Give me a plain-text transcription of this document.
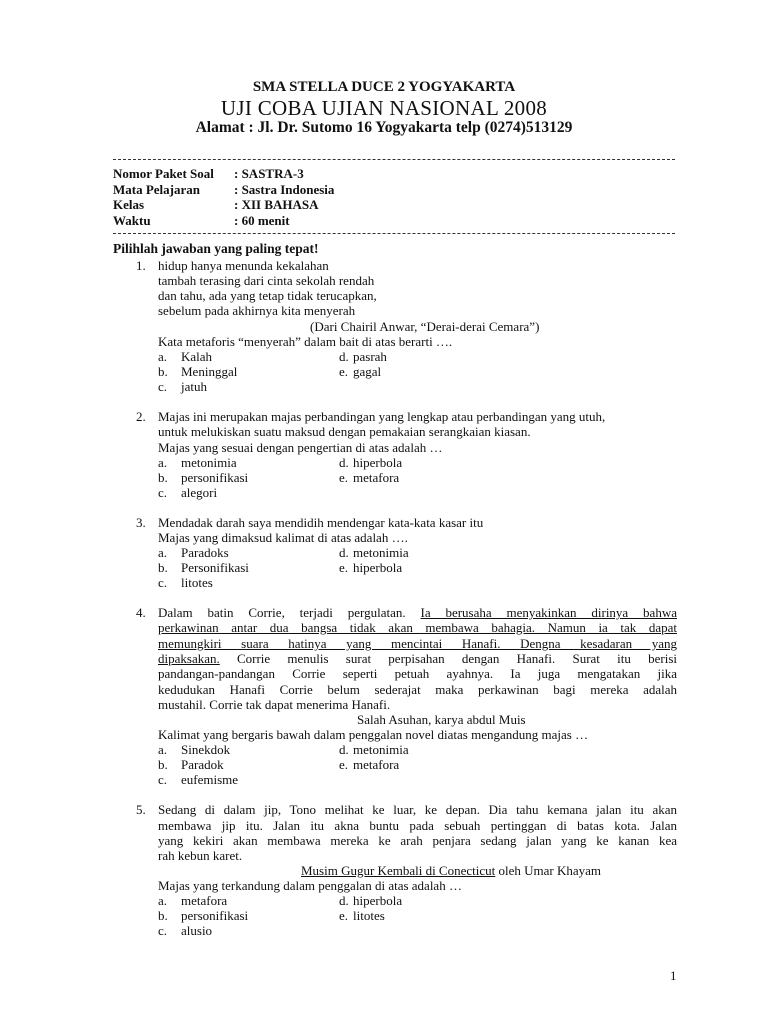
SMA STELLA DUCE 2 YOGYAKARTA
UJI COBA UJIAN NASIONAL 2008
Alamat : Jl. Dr. Sutomo 16 Yogyakarta telp (0274)513129
Nomor Paket Soal	: SASTRA-3
Mata Pelajaran	: Sastra Indonesia
Kelas	: XII BAHASA
Waktu	: 60 menit
Pilihlah jawaban yang paling tepat!
1. hidup hanya menunda kekalahan
tambah terasing dari cinta sekolah rendah
dan tahu, ada yang tetap tidak terucapkan,
sebelum pada akhirnya kita menyerah
(Dari Chairil Anwar, “Derai-derai Cemara”)
Kata metaforis “menyerah” dalam bait di atas berarti ….
a. Kalah	d. pasrah
b. Meninggal	e. gagal
c. jatuh
2. Majas ini merupakan majas perbandingan yang lengkap atau perbandingan yang utuh,
untuk melukiskan suatu maksud dengan pemakaian serangkaian kiasan.
Majas yang sesuai dengan pengertian di atas adalah …
a. metonimia	d. hiperbola
b. personifikasi	e. metafora
c. alegori
3. Mendadak darah saya mendidih mendengar kata-kata kasar itu
Majas yang dimaksud kalimat di atas adalah ….
a. Paradoks	d. metonimia
b. Personifikasi	e. hiperbola
c. litotes
4. Dalam batin Corrie, terjadi pergulatan. Ia berusaha menyakinkan dirinya bahwa
perkawinan antar dua bangsa tidak akan membawa bahagia. Namun ia tak dapat
memungkiri suara hatinya yang mencintai Hanafi. Dengna kesadaran yang
dipaksakan. Corrie menulis surat perpisahan dengan Hanafi. Surat itu berisi
pandangan-pandangan Corrie seperti petuah ayahnya. Ia juga mengatakan jika
kedudukan Hanafi Corrie belum sederajat maka perkawinan bagi mereka adalah
mustahil. Corrie tak dapat menerima Hanafi.
Salah Asuhan, karya abdul Muis
Kalimat yang bergaris bawah dalam penggalan novel diatas mengandung majas …
a. Sinekdok	d. metonimia
b. Paradok	e. metafora
c. eufemisme
5. Sedang di dalam jip, Tono melihat ke luar, ke depan. Dia tahu kemana jalan itu akan
membawa jip itu. Jalan itu akna buntu pada sebuah pertinggan di batas kota. Jalan
yang kekiri akan membawa mereka ke arah penjara sedang jalan yang ke kanan kea
rah kebun karet.
Musim Gugur Kembali di Conecticut oleh Umar Khayam
Majas yang terkandung dalam penggalan di atas adalah …
a. metafora	d. hiperbola
b. personifikasi	e. litotes
c. alusio
1
